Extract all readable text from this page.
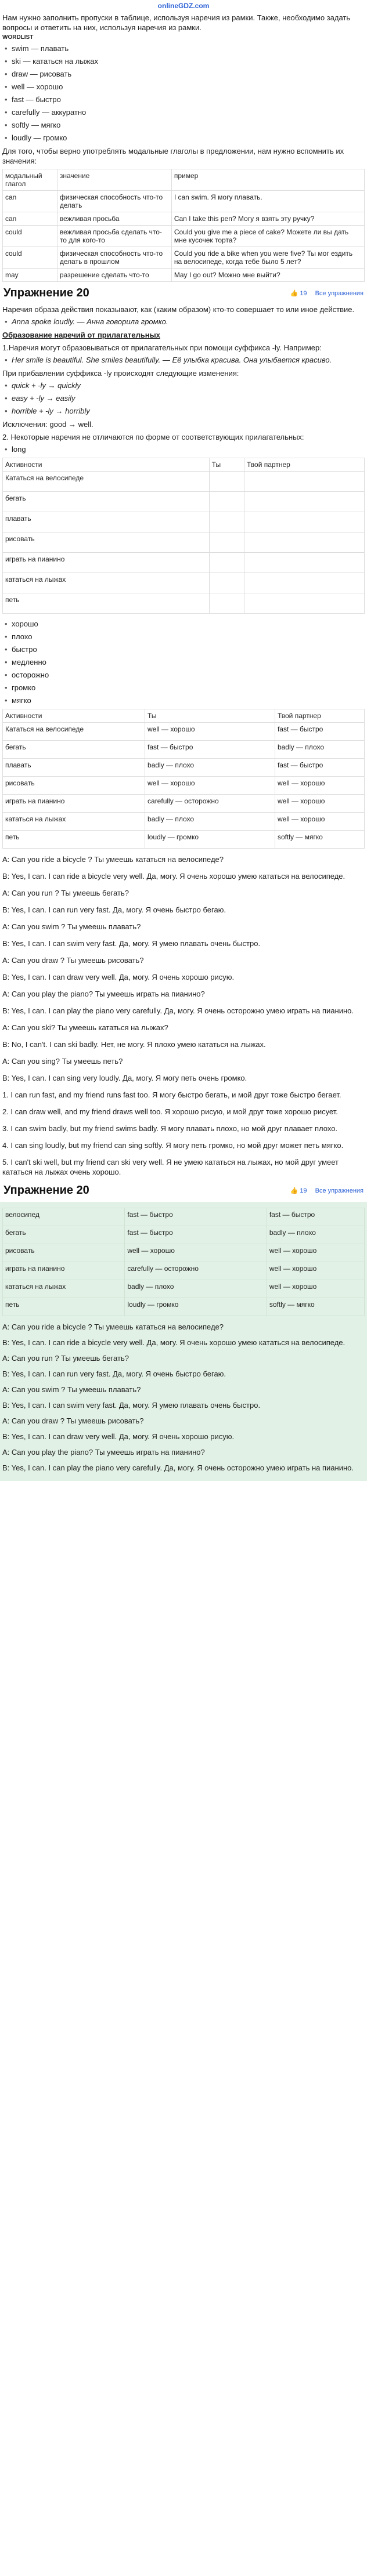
onlineGDZ.com

Нам нужно заполнить пропуски в таблице, используя наречия из рамки. Также, необходимо задать вопросы и ответить на них, используя наречия из рамки.

WORDLIST
• swim — плавать
• ski — кататься на лыжах
• draw — рисовать
• well — хорошо
• fast — быстро
• carefully — аккуратно
• softly — мягко
• loudly — громко

Для того, чтобы верно употреблять модальные глаголы в предложении, нам нужно вспомнить их значения:

модальный глагол	значение	пример
can	физическая способность что-то делать	I can swim. Я могу плавать.
can	вежливая просьба	Can I take this pen? Могу я взять эту ручку?
could	вежливая просьба сделать что-то для кого-то	Could you give me a piece of cake? Можете ли вы дать мне кусочек торта?
could	физическая способность что-то делать в прошлом	Could you ride a bike when you were five? Ты мог ездить на велосипеде, когда тебе было 5 лет?
may	разрешение сделать что-то	May I go out? Можно мне выйти?
Упражнение 20	👍 19 Все упражнения

Наречия образа действия показывают, как (каким образом) кто-то совершает то или иное действие.

• Anna spoke loudly. — Анна говорила громко.

Образование наречий от прилагательных

1.Наречия могут образовываться от прилагательных при помощи суффикса -ly. Например:

• Her smile is beautiful. She smiles beautifully. — Её улыбка красива. Она улыбается красиво.

При прибавлении суффикса -ly происходят следующие изменения:

• quick + -ly → quickly
• easy + -ly → easily
• horrible + -ly → horribly

Исключения: good → well.

2. Некоторые наречия не отличаются по форме от соответствующих прилагательных:

• long
Активности	Ты	Твой партнер
Кататься на велосипеде		
бегать		
плавать		
рисовать		
играть на пианино		
кататься на лыжах		
петь		
• хорошо
• плохо
• быстро
• медленно
• осторожно
• громко
• мягко
Активности	Ты	Твой партнер
Кататься на велосипеде	well — хорошо	fast — быстро
бегать	fast — быстро	badly — плохо
плавать	badly — плохо	fast — быстро
рисовать	well — хорошо	well — хорошо
играть на пианино	carefully — осторожно	well — хорошо
кататься на лыжах	badly — плохо	well — хорошо
петь	loudly — громко	softly — мягко

A: Can you ride a bicycle ? Ты умеешь кататься на велосипеде?

B: Yes, I can. I can ride a bicycle very well. Да, могу. Я очень хорошо умею кататься на велосипеде.

A: Can you run ? Ты умеешь бегать?

B: Yes, I can. I can run very fast. Да, могу. Я очень быстро бегаю.

A: Can you swim ? Ты умеешь плавать?

B: Yes, I can. I can swim very fast. Да, могу. Я умею плавать очень быстро.

A: Can you draw ? Ты умеешь рисовать?

B: Yes, I can. I can draw very well. Да, могу. Я очень хорошо рисую.

A: Can you play the piano? Ты умеешь играть на пианино?

B: Yes, I can. I can play the piano very carefully. Да, могу. Я очень осторожно умею играть на пианино.

A: Can you ski? Ты умеешь кататься на лыжах?

B: No, I can't. I can ski badly. Нет, не могу. Я плохо умею кататься на лыжах.

A: Can you sing? Ты умеешь петь?

B: Yes, I can. I can sing very loudly. Да, могу. Я могу петь очень громко.

1. I can run fast, and my friend runs fast too. Я могу быстро бегать, и мой друг тоже быстро бегает.

2. I can draw well, and my friend draws well too. Я хорошо рисую, и мой друг тоже хорошо рисует.

3. I can swim badly, but my friend swims badly. Я могу плавать плохо, но мой друг плавает плохо.

4. I can sing loudly, but my friend can sing softly. Я могу петь громко, но мой друг может петь мягко.

5. I can't ski well, but my friend can ski very well. Я не умею кататься на лыжах, но мой друг умеет кататься на лыжах очень хорошо.

Упражнение 20	👍 19 Все упражнения
велосипед	fast — быстро	fast — быстро
бегать	fast — быстро	badly — плохо
рисовать	well — хорошо	well — хорошо
играть на пианино	carefully — осторожно	well — хорошо
кататься на лыжах	badly — плохо	well — хорошо
петь	loudly — громко	softly — мягко

A: Can you ride a bicycle ? Ты умеешь кататься на велосипеде?

B: Yes, I can. I can ride a bicycle very well. Да, могу. Я очень хорошо умею кататься на велосипеде.

A: Can you run ? Ты умеешь бегать?

B: Yes, I can. I can run very fast. Да, могу. Я очень быстро бегаю.

A: Can you swim ? Ты умеешь плавать?

B: Yes, I can. I can swim very fast. Да, могу. Я умею плавать очень быстро.

A: Can you draw ? Ты умеешь рисовать?

B: Yes, I can. I can draw very well. Да, могу. Я очень хорошо рисую.

A: Can you play the piano? Ты умеешь играть на пианино?

B: Yes, I can. I can play the piano very carefully. Да, могу. Я очень осторожно умею играть на пианино.
